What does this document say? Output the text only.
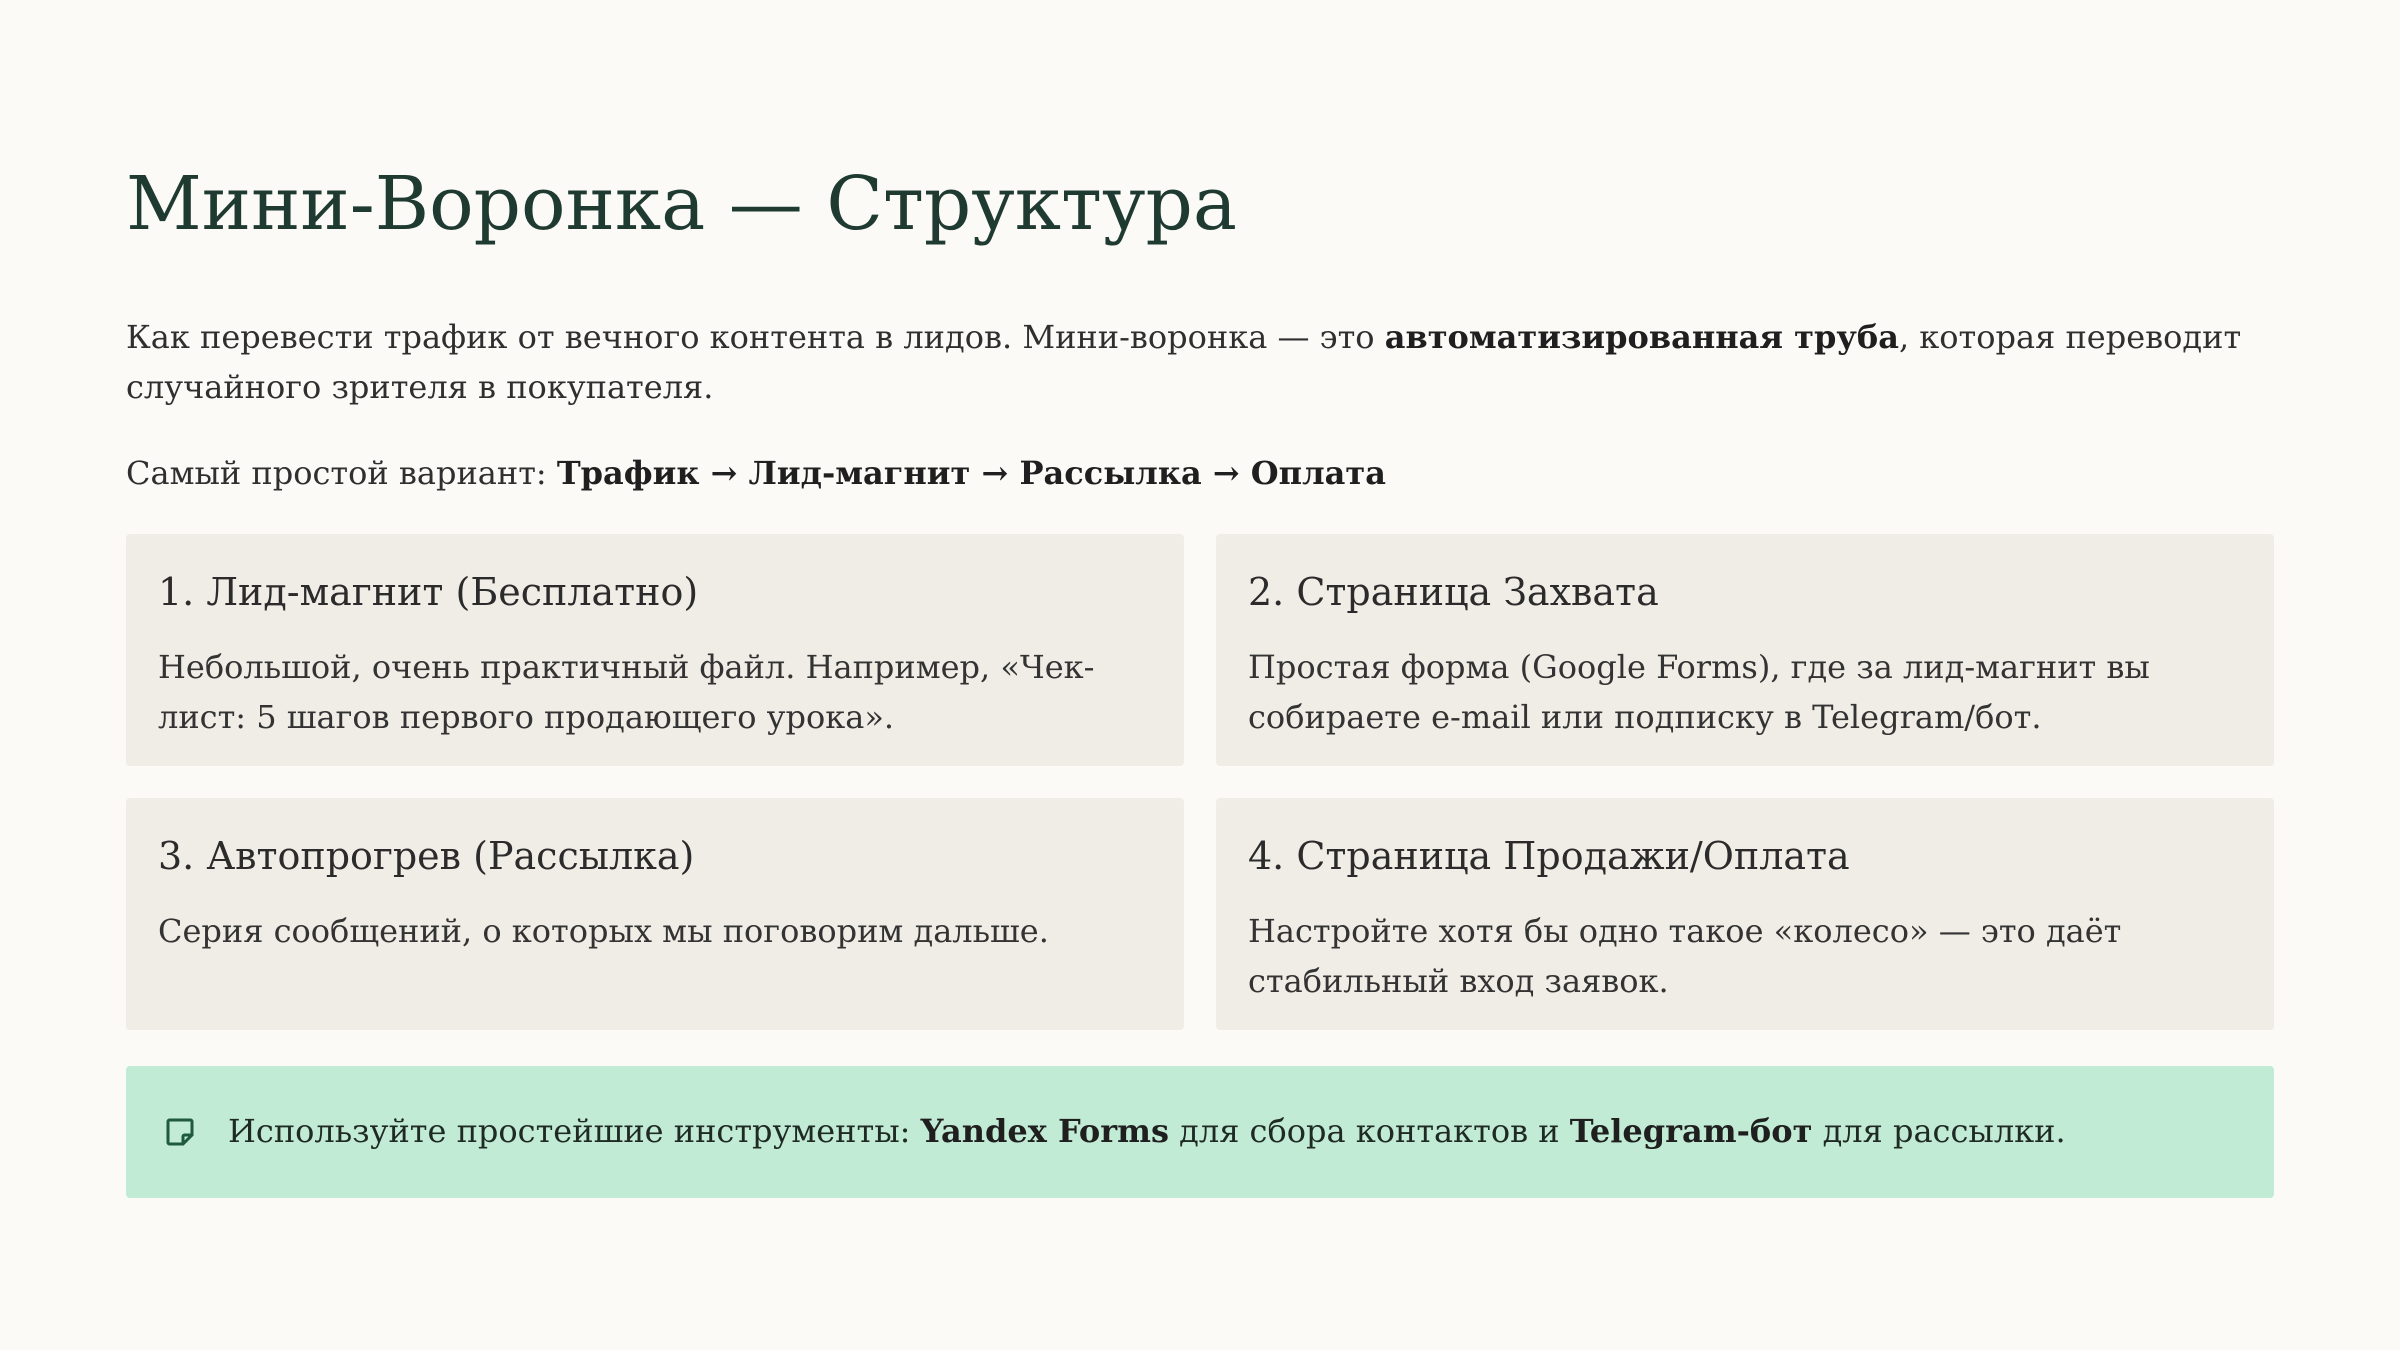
Мини-Воронка — Структура

Как перевести трафик от вечного контента в лидов. Мини-воронка — это автоматизированная труба, которая переводит случайного зрителя в покупателя.

Самый простой вариант: Трафик → Лид-магнит → Рассылка → Оплата

1. Лид-магнит (Бесплатно)

Небольшой, очень практичный файл. Например, «Чек-лист: 5 шагов первого продающего урока».

2. Страница Захвата

Простая форма (Google Forms), где за лид-магнит вы собираете e-mail или подписку в Telegram/бот.

3. Автопрогрев (Рассылка)

Серия сообщений, о которых мы поговорим дальше.

4. Страница Продажи/Оплата

Настройте хотя бы одно такое «колесо» — это даёт стабильный вход заявок.

Используйте простейшие инструменты: Yandex Forms для сбора контактов и Telegram-бот для рассылки.
